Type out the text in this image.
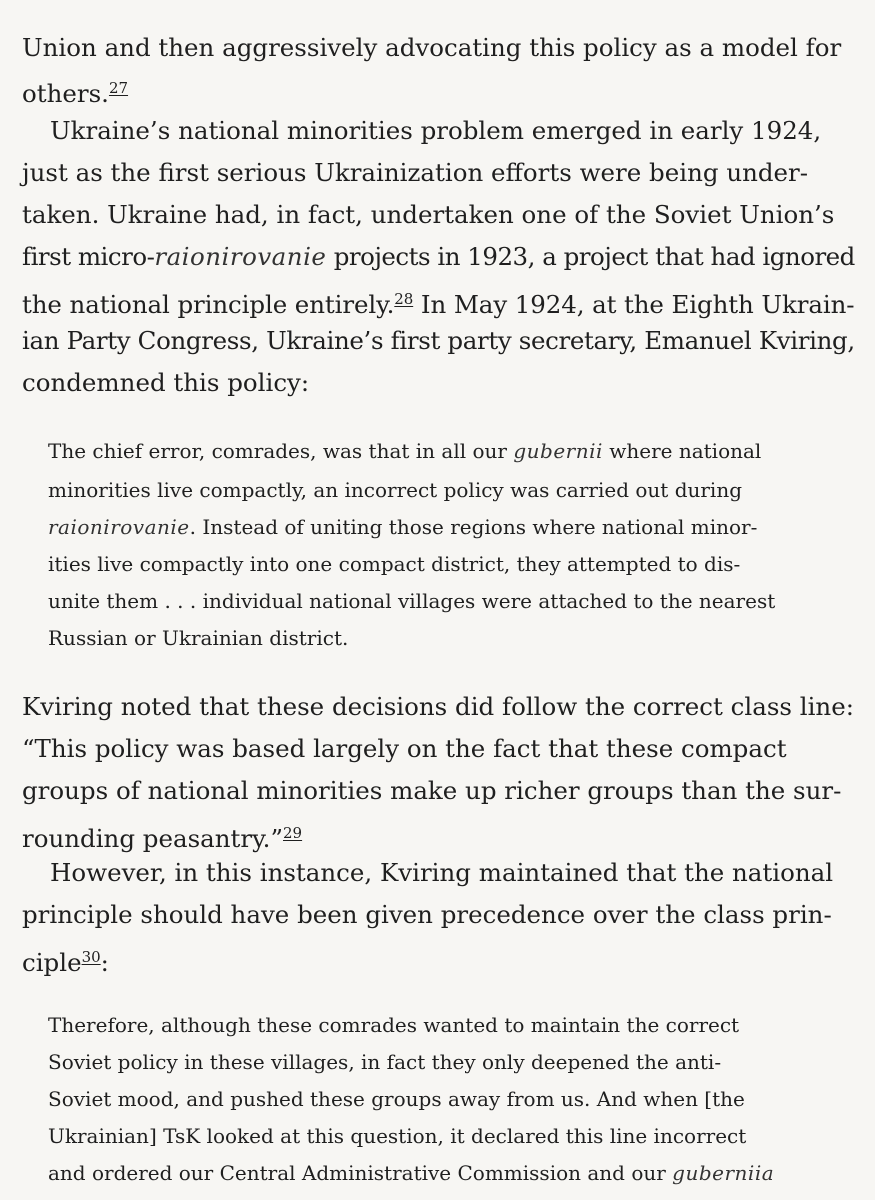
Union and then aggressively advocating this policy as a model for
others.$^{27}$
Ukraine’s national minorities problem emerged in early 1924,
just as the first serious Ukrainization efforts were being under-
taken. Ukraine had, in fact, undertaken one of the Soviet Union’s
first micro-raionirovanie projects in 1923, a project that had ignored
the national principle entirely.$^{28}$ In May 1924, at the Eighth Ukrain-
ian Party Congress, Ukraine’s first party secretary, Emanuel Kviring,
condemned this policy:
The chief error, comrades, was that in all our gubernii where national
minorities live compactly, an incorrect policy was carried out during
raionirovanie. Instead of uniting those regions where national minor-
ities live compactly into one compact district, they attempted to dis-
unite them . . . individual national villages were attached to the nearest
Russian or Ukrainian district.
Kviring noted that these decisions did follow the correct class line:
“This policy was based largely on the fact that these compact
groups of national minorities make up richer groups than the sur-
rounding peasantry.”$^{29}$
However, in this instance, Kviring maintained that the national
principle should have been given precedence over the class prin-
ciple$^{30}$:
Therefore, although these comrades wanted to maintain the correct
Soviet policy in these villages, in fact they only deepened the anti-
Soviet mood, and pushed these groups away from us. And when [the
Ukrainian] TsK looked at this question, it declared this line incorrect
and ordered our Central Administrative Commission and our guberniia
